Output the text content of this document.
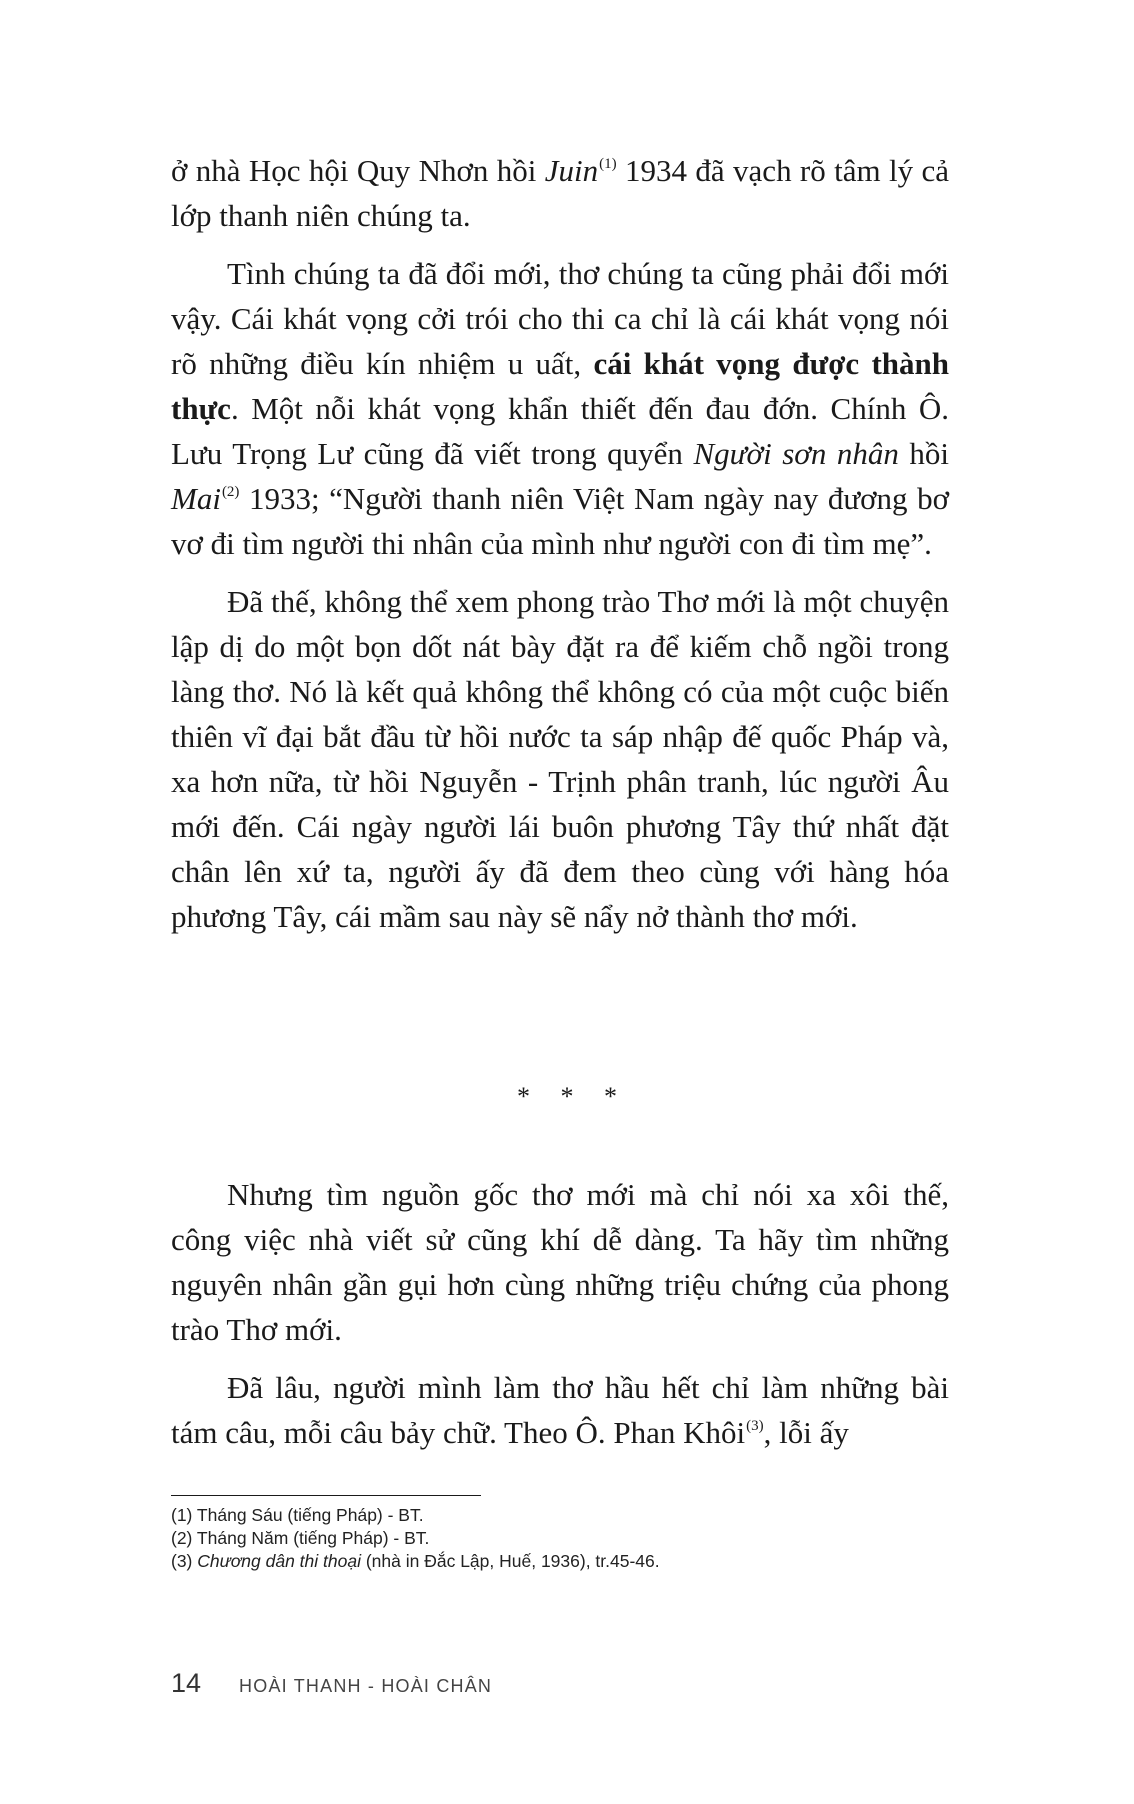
ở nhà Học hội Quy Nhơn hồi Juin$^{(1)}$ 1934 đã vạch rõ tâm lý cả lớp thanh niên chúng ta.

Tình chúng ta đã đổi mới, thơ chúng ta cũng phải đổi mới vậy. Cái khát vọng cởi trói cho thi ca chỉ là cái khát vọng nói rõ những điều kín nhiệm u uất, cái khát vọng được thành thực. Một nỗi khát vọng khẩn thiết đến đau đớn. Chính Ô. Lưu Trọng Lư cũng đã viết trong quyển Người sơn nhân hồi Mai$^{(2)}$ 1933; “Người thanh niên Việt Nam ngày nay đương bơ vơ đi tìm người thi nhân của mình như người con đi tìm mẹ”.

Đã thế, không thể xem phong trào Thơ mới là một chuyện lập dị do một bọn dốt nát bày đặt ra để kiếm chỗ ngồi trong làng thơ. Nó là kết quả không thể không có của một cuộc biến thiên vĩ đại bắt đầu từ hồi nước ta sáp nhập đế quốc Pháp và, xa hơn nữa, từ hồi Nguyễn - Trịnh phân tranh, lúc người Âu mới đến. Cái ngày người lái buôn phương Tây thứ nhất đặt chân lên xứ ta, người ấy đã đem theo cùng với hàng hóa phương Tây, cái mầm sau này sẽ nẩy nở thành thơ mới.

* * *

Nhưng tìm nguồn gốc thơ mới mà chỉ nói xa xôi thế, công việc nhà viết sử cũng khí dễ dàng. Ta hãy tìm những nguyên nhân gần gụi hơn cùng những triệu chứng của phong trào Thơ mới.

Đã lâu, người mình làm thơ hầu hết chỉ làm những bài tám câu, mỗi câu bảy chữ. Theo Ô. Phan Khôi$^{(3)}$, lỗi ấy

(1) Tháng Sáu (tiếng Pháp) - BT.
(2) Tháng Năm (tiếng Pháp) - BT.
(3) Chương dân thi thoại (nhà in Đắc Lập, Huế, 1936), tr.45-46.
14 HOÀI THANH - HOÀI CHÂN
